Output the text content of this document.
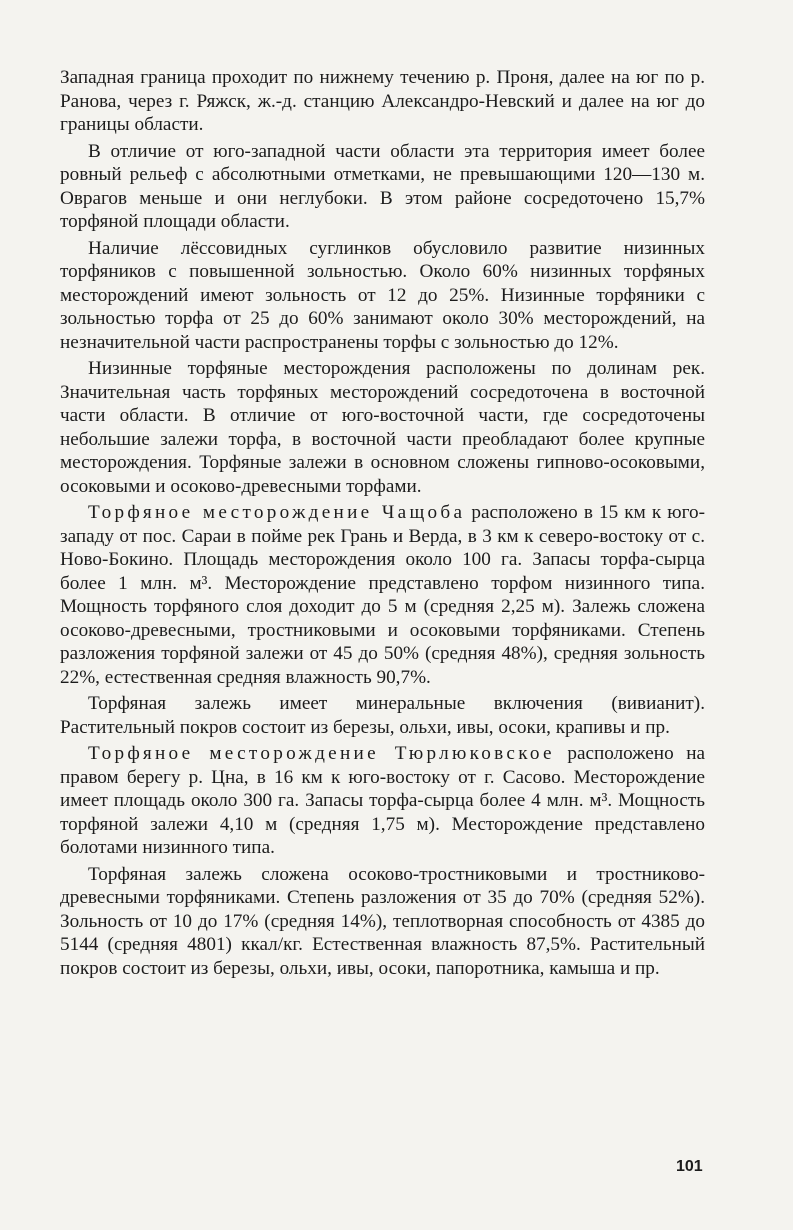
Западная граница проходит по нижнему течению р. Проня, далее на юг по р. Ранова, через г. Ряжск, ж.-д. станцию Александро-Невский и далее на юг до границы области.

В отличие от юго-западной части области эта территория имеет более ровный рельеф с абсолютными отметками, не превышающими 120—130 м. Оврагов меньше и они неглубоки. В этом районе сосредоточено 15,7% торфяной площади области.

Наличие лёссовидных суглинков обусловило развитие низинных торфяников с повышенной зольностью. Около 60% низинных торфяных месторождений имеют зольность от 12 до 25%. Низинные торфяники с зольностью торфа от 25 до 60% занимают около 30% месторождений, на незначительной части распространены торфы с зольностью до 12%.

Низинные торфяные месторождения расположены по долинам рек. Значительная часть торфяных месторождений сосредоточена в восточной части области. В отличие от юго-восточной части, где сосредоточены небольшие залежи торфа, в восточной части преобладают более крупные месторождения. Торфяные залежи в основном сложены гипново-осоковыми, осоковыми и осоково-древесными торфами.

Торфяное месторождение Чащоба расположено в 15 км к юго-западу от пос. Сараи в пойме рек Грань и Верда, в 3 км к северо-востоку от с. Ново-Бокино. Площадь месторождения около 100 га. Запасы торфа-сырца более 1 млн. м³. Месторождение представлено торфом низинного типа. Мощность торфяного слоя доходит до 5 м (средняя 2,25 м). Залежь сложена осоково-древесными, тростниковыми и осоковыми торфяниками. Степень разложения торфяной залежи от 45 до 50% (средняя 48%), средняя зольность 22%, естественная средняя влажность 90,7%.

Торфяная залежь имеет минеральные включения (вивианит). Растительный покров состоит из березы, ольхи, ивы, осоки, крапивы и пр.

Торфяное месторождение Тюрлюковское расположено на правом берегу р. Цна, в 16 км к юго-востоку от г. Сасово. Месторождение имеет площадь около 300 га. Запасы торфа-сырца более 4 млн. м³. Мощность торфяной залежи 4,10 м (средняя 1,75 м). Месторождение представлено болотами низинного типа.

Торфяная залежь сложена осоково-тростниковыми и тростниково-древесными торфяниками. Степень разложения от 35 до 70% (средняя 52%). Зольность от 10 до 17% (средняя 14%), теплотворная способность от 4385 до 5144 (средняя 4801) ккал/кг. Естественная влажность 87,5%. Растительный покров состоит из березы, ольхи, ивы, осоки, папоротника, камыша и пр.

101
